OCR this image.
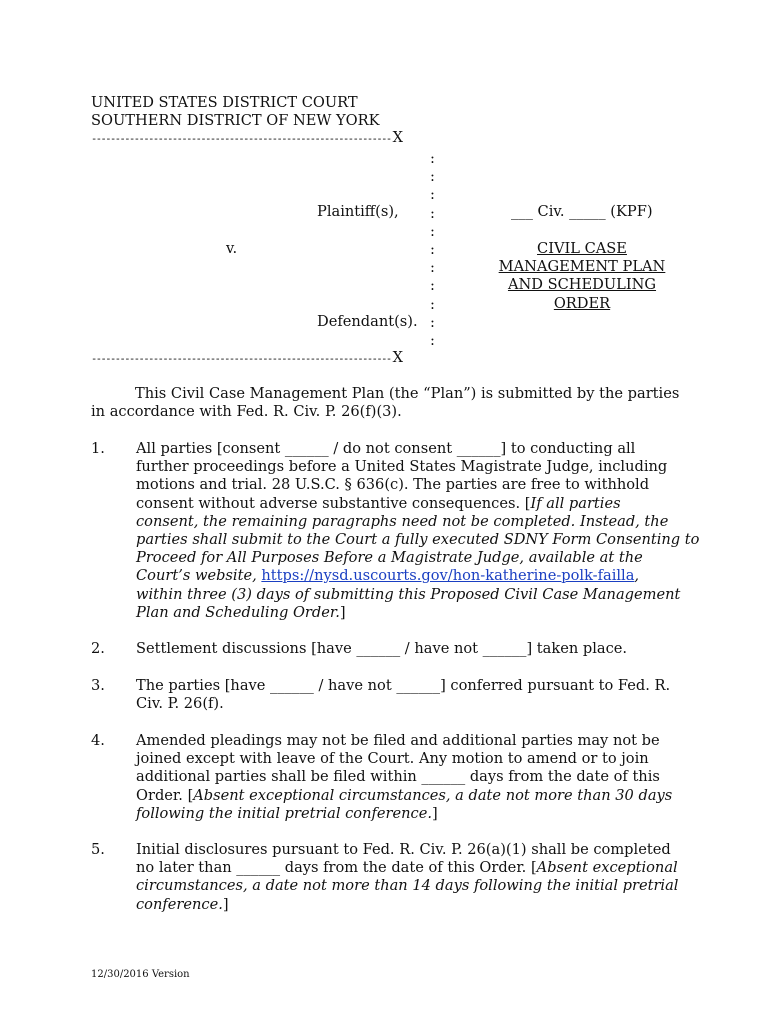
UNITED STATES DISTRICT COURT
SOUTHERN DISTRICT OF NEW YORK
--------------------------------------------------------------- X
:
:
:
:
:
:
:
:
:
:
:
Plaintiff(s),
v.
Defendant(s).
___ Civ. _____ (KPF)
CIVIL CASE
MANAGEMENT PLAN
AND SCHEDULING
ORDER
--------------------------------------------------------------- X
This Civil Case Management Plan (the “Plan”) is submitted by the parties in accordance with Fed. R. Civ. P. 26(f)(3).
1. All parties [consent ______ / do not consent ______] to conducting all
further proceedings before a United States Magistrate Judge, including
motions and trial. 28 U.S.C. § 636(c). The parties are free to withhold
consent without adverse substantive consequences. [If all parties
consent, the remaining paragraphs need not be completed. Instead, the
parties shall submit to the Court a fully executed SDNY Form Consenting to
Proceed for All Purposes Before a Magistrate Judge, available at the
Court’s website, https://nysd.uscourts.gov/hon-katherine-polk-failla,
within three (3) days of submitting this Proposed Civil Case Management
Plan and Scheduling Order.]
2. Settlement discussions [have ______ / have not ______] taken place.
3. The parties [have ______ / have not ______] conferred pursuant to Fed. R.
Civ. P. 26(f).
4. Amended pleadings may not be filed and additional parties may not be
joined except with leave of the Court. Any motion to amend or to join
additional parties shall be filed within ______ days from the date of this
Order. [Absent exceptional circumstances, a date not more than 30 days
following the initial pretrial conference.]
5. Initial disclosures pursuant to Fed. R. Civ. P. 26(a)(1) shall be completed
no later than ______ days from the date of this Order. [Absent exceptional
circumstances, a date not more than 14 days following the initial pretrial
conference.]
12/30/2016 Version
